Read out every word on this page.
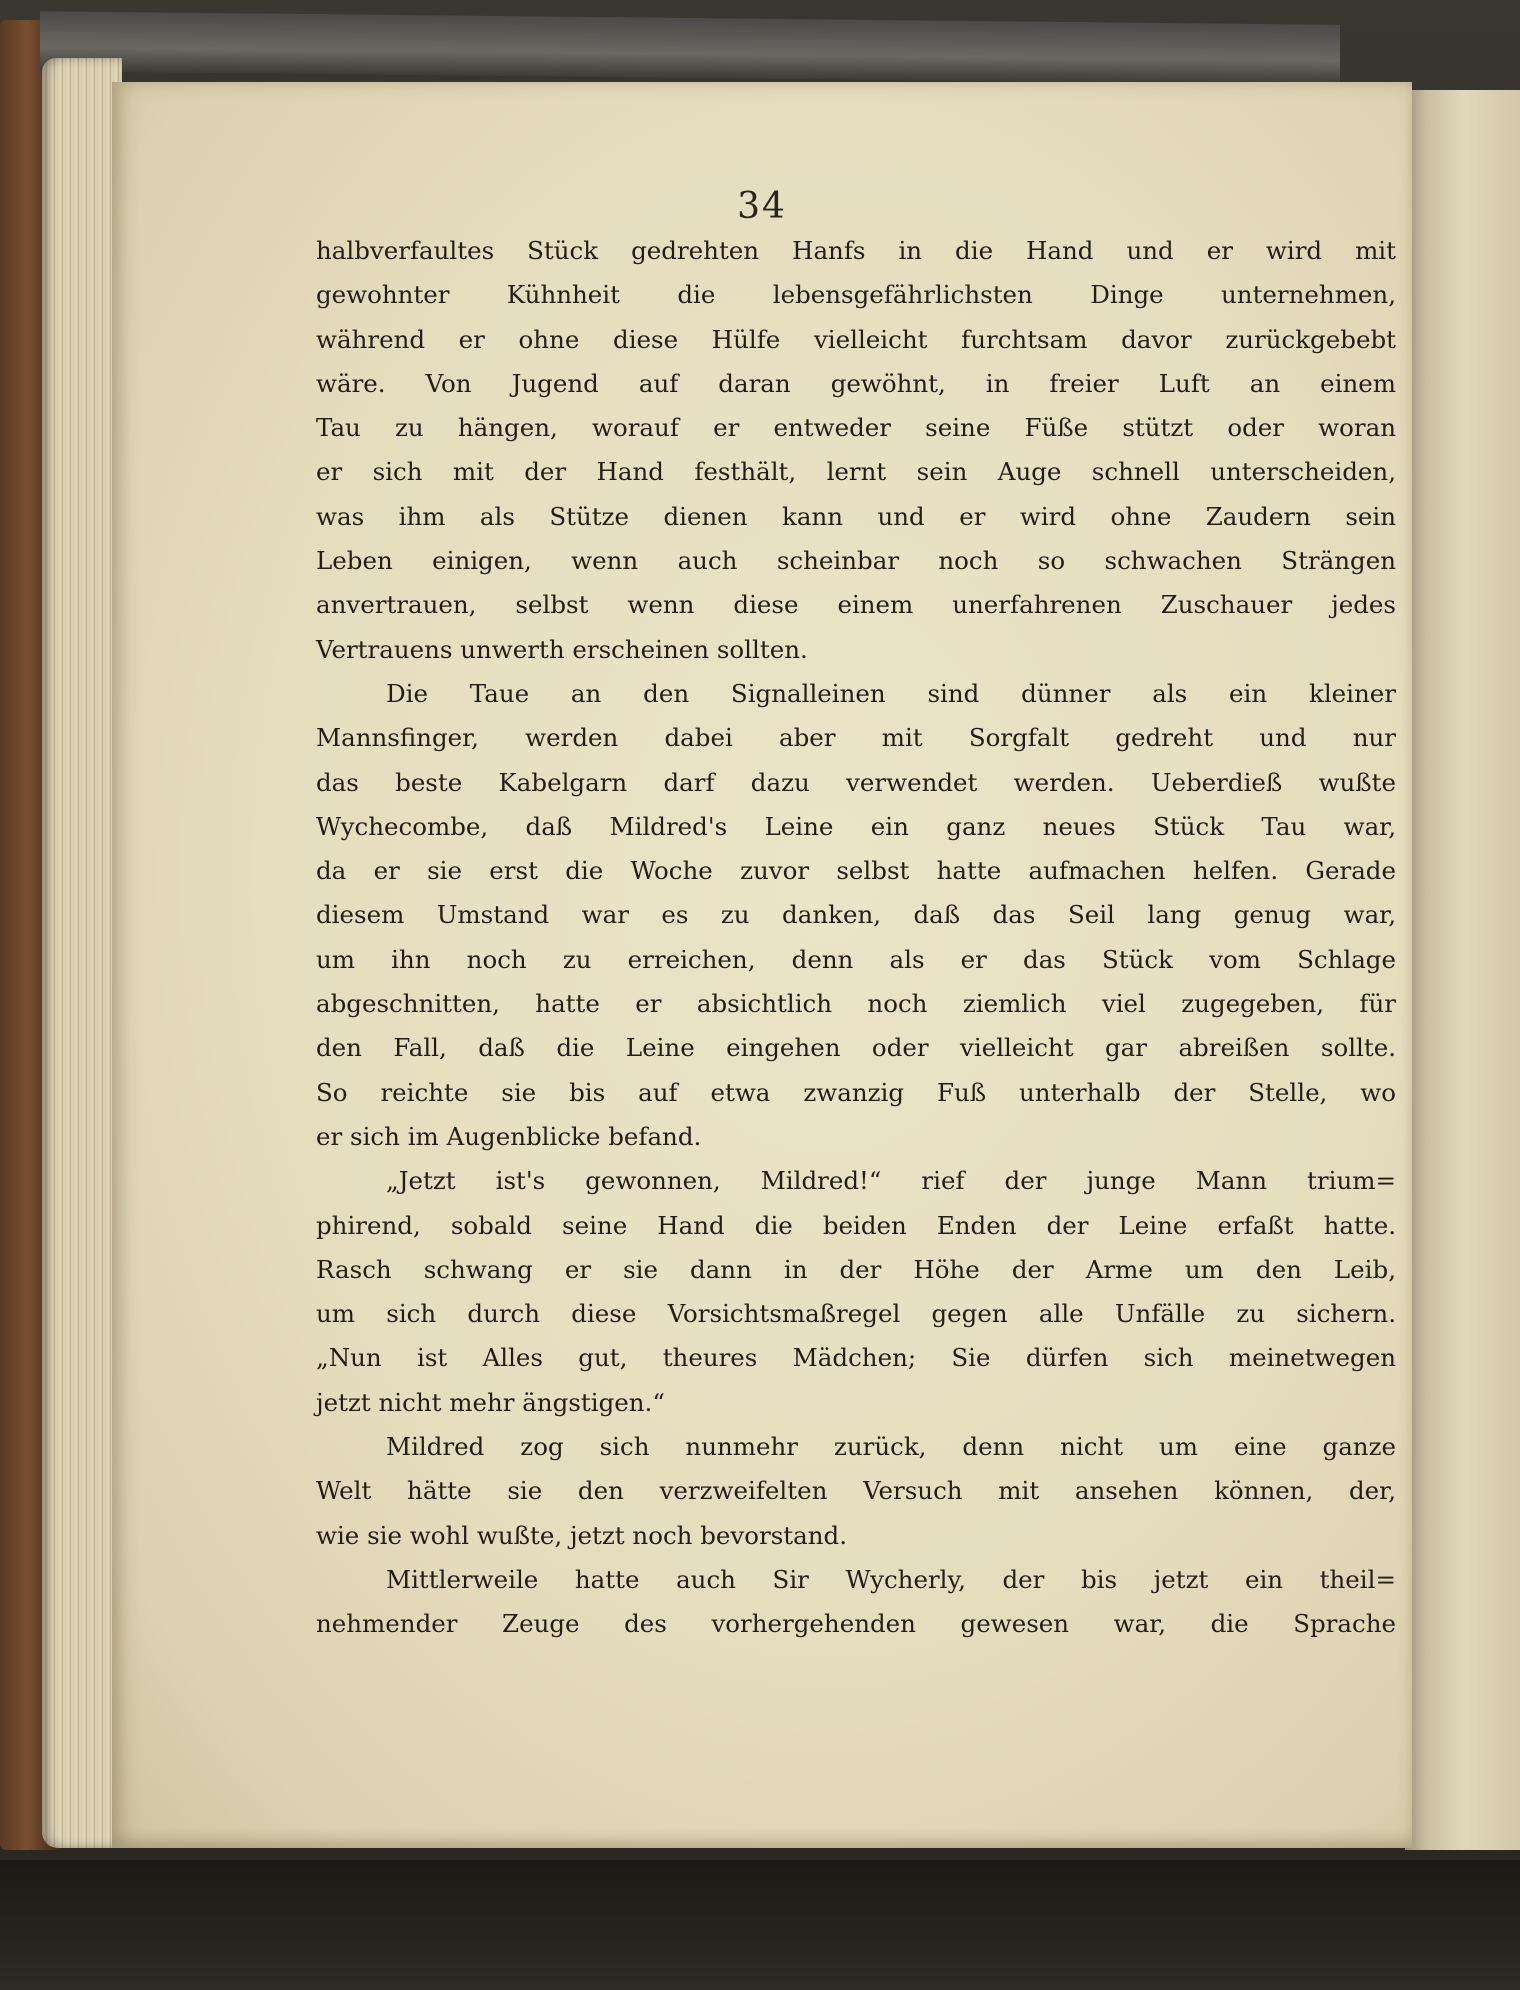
34
halbverfaultes Stück gedrehten Hanfs in die Hand und er wird mit
gewohnter Kühnheit die lebensgefährlichsten Dinge unternehmen,
während er ohne diese Hülfe vielleicht furchtsam davor zurückgebebt
wäre. Von Jugend auf daran gewöhnt, in freier Luft an einem
Tau zu hängen, worauf er entweder seine Füße stützt oder woran
er sich mit der Hand festhält, lernt sein Auge schnell unterscheiden,
was ihm als Stütze dienen kann und er wird ohne Zaudern sein
Leben einigen, wenn auch scheinbar noch so schwachen Strängen
anvertrauen, selbst wenn diese einem unerfahrenen Zuschauer jedes
Vertrauens unwerth erscheinen sollten.
Die Taue an den Signalleinen sind dünner als ein kleiner
Mannsfinger, werden dabei aber mit Sorgfalt gedreht und nur
das beste Kabelgarn darf dazu verwendet werden. Ueberdieß wußte
Wychecombe, daß Mildred's Leine ein ganz neues Stück Tau war,
da er sie erst die Woche zuvor selbst hatte aufmachen helfen. Gerade
diesem Umstand war es zu danken, daß das Seil lang genug war,
um ihn noch zu erreichen, denn als er das Stück vom Schlage
abgeschnitten, hatte er absichtlich noch ziemlich viel zugegeben, für
den Fall, daß die Leine eingehen oder vielleicht gar abreißen sollte.
So reichte sie bis auf etwa zwanzig Fuß unterhalb der Stelle, wo
er sich im Augenblicke befand.
„Jetzt ist's gewonnen, Mildred!“ rief der junge Mann trium=
phirend, sobald seine Hand die beiden Enden der Leine erfaßt hatte.
Rasch schwang er sie dann in der Höhe der Arme um den Leib,
um sich durch diese Vorsichtsmaßregel gegen alle Unfälle zu sichern.
„Nun ist Alles gut, theures Mädchen; Sie dürfen sich meinetwegen
jetzt nicht mehr ängstigen.“
Mildred zog sich nunmehr zurück, denn nicht um eine ganze
Welt hätte sie den verzweifelten Versuch mit ansehen können, der,
wie sie wohl wußte, jetzt noch bevorstand.
Mittlerweile hatte auch Sir Wycherly, der bis jetzt ein theil=
nehmender Zeuge des vorhergehenden gewesen war, die Sprache
